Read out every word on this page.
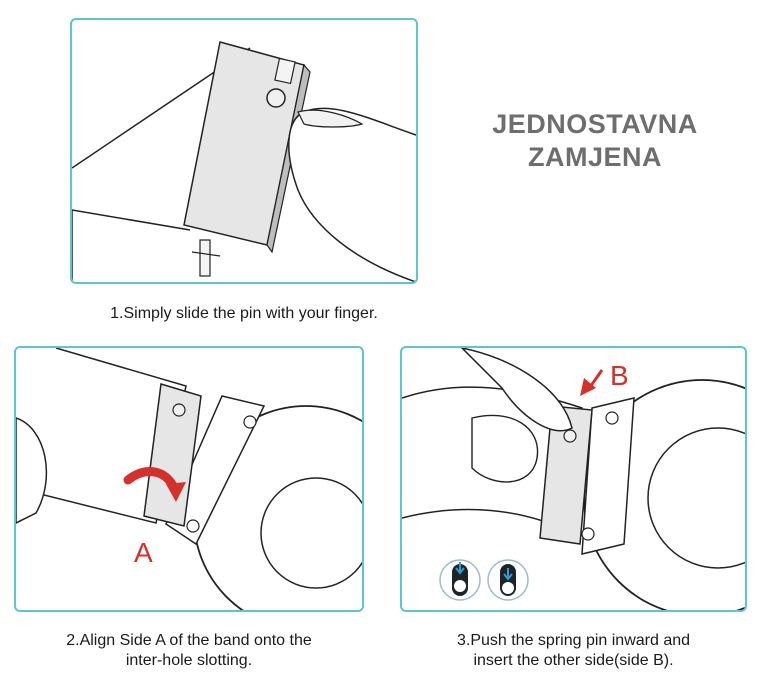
JEDNOSTAVNA
ZAMJENA
1.Simply slide the pin with your finger.
A
2.Align Side A of the band onto the
inter-hole slotting.
B
3.Push the spring pin inward and
insert the other side(side B).
